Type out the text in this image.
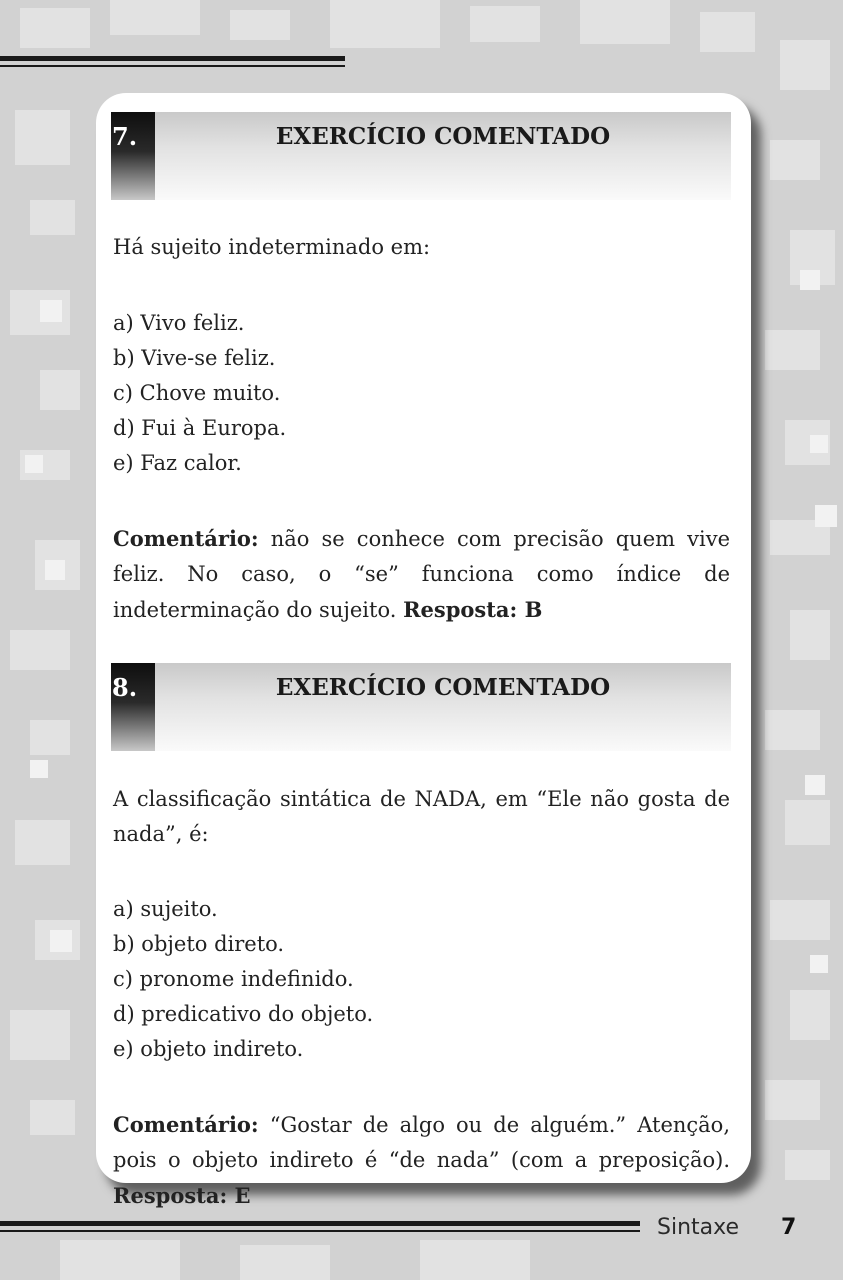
7.	EXERCÍCIO COMENTADO

Há sujeito indeterminado em:

a) Vivo feliz.
b) Vive-se feliz.
c) Chove muito.
d) Fui à Europa.
e) Faz calor.

Comentário: não se conhece com precisão quem vive feliz. No caso, o “se” funciona como índice de indeterminação do sujeito. Resposta: B

8.	EXERCÍCIO COMENTADO

A classificação sintática de NADA, em “Ele não gosta de nada”, é:

a) sujeito.
b) objeto direto.
c) pronome indefinido.
d) predicativo do objeto.
e) objeto indireto.

Comentário: “Gostar de algo ou de alguém.” Atenção, pois o objeto indireto é “de nada” (com a preposição). Resposta: E

Sintaxe 7
